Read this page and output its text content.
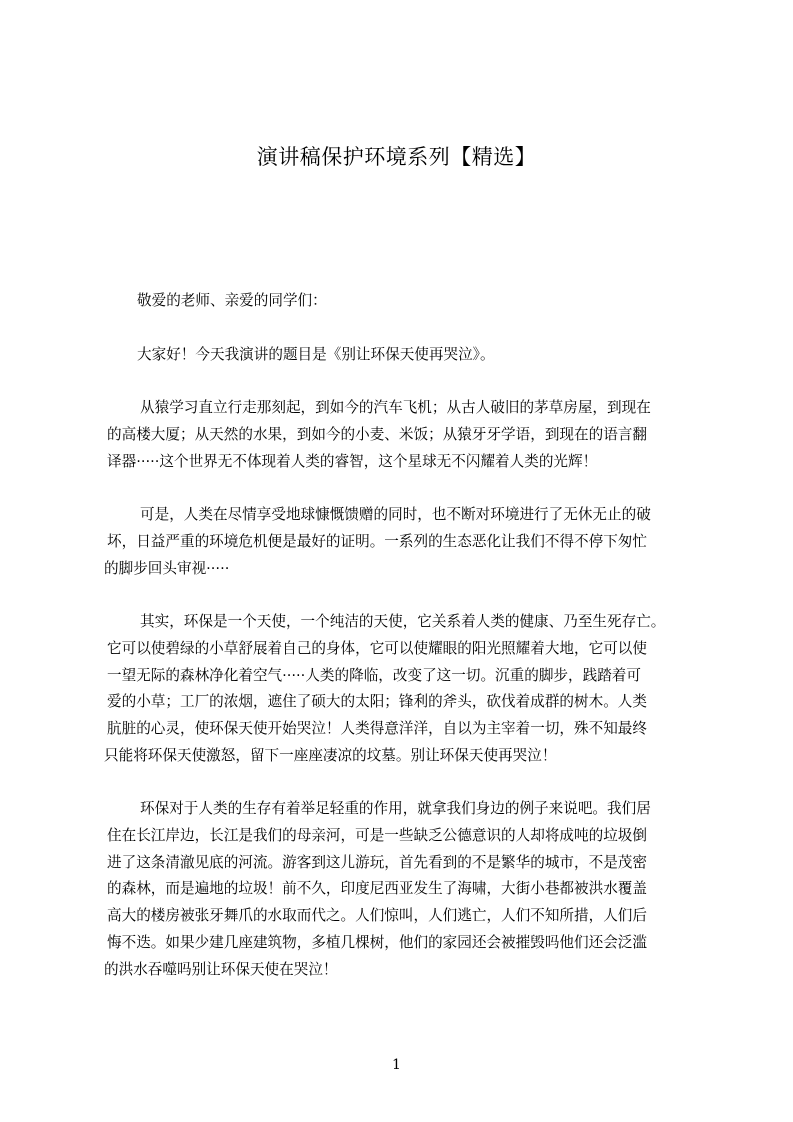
演讲稿保护环境系列【精选】
敬爱的老师、亲爱的同学们：
大家好！今天我演讲的题目是《别让环保天使再哭泣》。
从猿学习直立行走那刻起，到如今的汽车飞机；从古人破旧的茅草房屋，到现在
的高楼大厦；从天然的水果，到如今的小麦、米饭；从猿牙牙学语，到现在的语言翻
译器·····这个世界无不体现着人类的睿智，这个星球无不闪耀着人类的光辉！
可是，人类在尽情享受地球慷慨馈赠的同时，也不断对环境进行了无休无止的破
坏，日益严重的环境危机便是最好的证明。一系列的生态恶化让我们不得不停下匆忙
的脚步回头审视·····
其实，环保是一个天使，一个纯洁的天使，它关系着人类的健康、乃至生死存亡。
它可以使碧绿的小草舒展着自己的身体，它可以使耀眼的阳光照耀着大地，它可以使
一望无际的森林净化着空气·····人类的降临，改变了这一切。沉重的脚步，践踏着可
爱的小草；工厂的浓烟，遮住了硕大的太阳；锋利的斧头，砍伐着成群的树木。人类
肮脏的心灵，使环保天使开始哭泣！人类得意洋洋，自以为主宰着一切，殊不知最终
只能将环保天使激怒，留下一座座凄凉的坟墓。别让环保天使再哭泣！
环保对于人类的生存有着举足轻重的作用，就拿我们身边的例子来说吧。我们居
住在长江岸边，长江是我们的母亲河，可是一些缺乏公德意识的人却将成吨的垃圾倒
进了这条清澈见底的河流。游客到这儿游玩，首先看到的不是繁华的城市，不是茂密
的森林，而是遍地的垃圾！前不久，印度尼西亚发生了海啸，大街小巷都被洪水覆盖
高大的楼房被张牙舞爪的水取而代之。人们惊叫，人们逃亡，人们不知所措，人们后
悔不迭。如果少建几座建筑物，多植几棵树，他们的家园还会被摧毁吗他们还会泛滥
的洪水吞噬吗别让环保天使在哭泣！
1
